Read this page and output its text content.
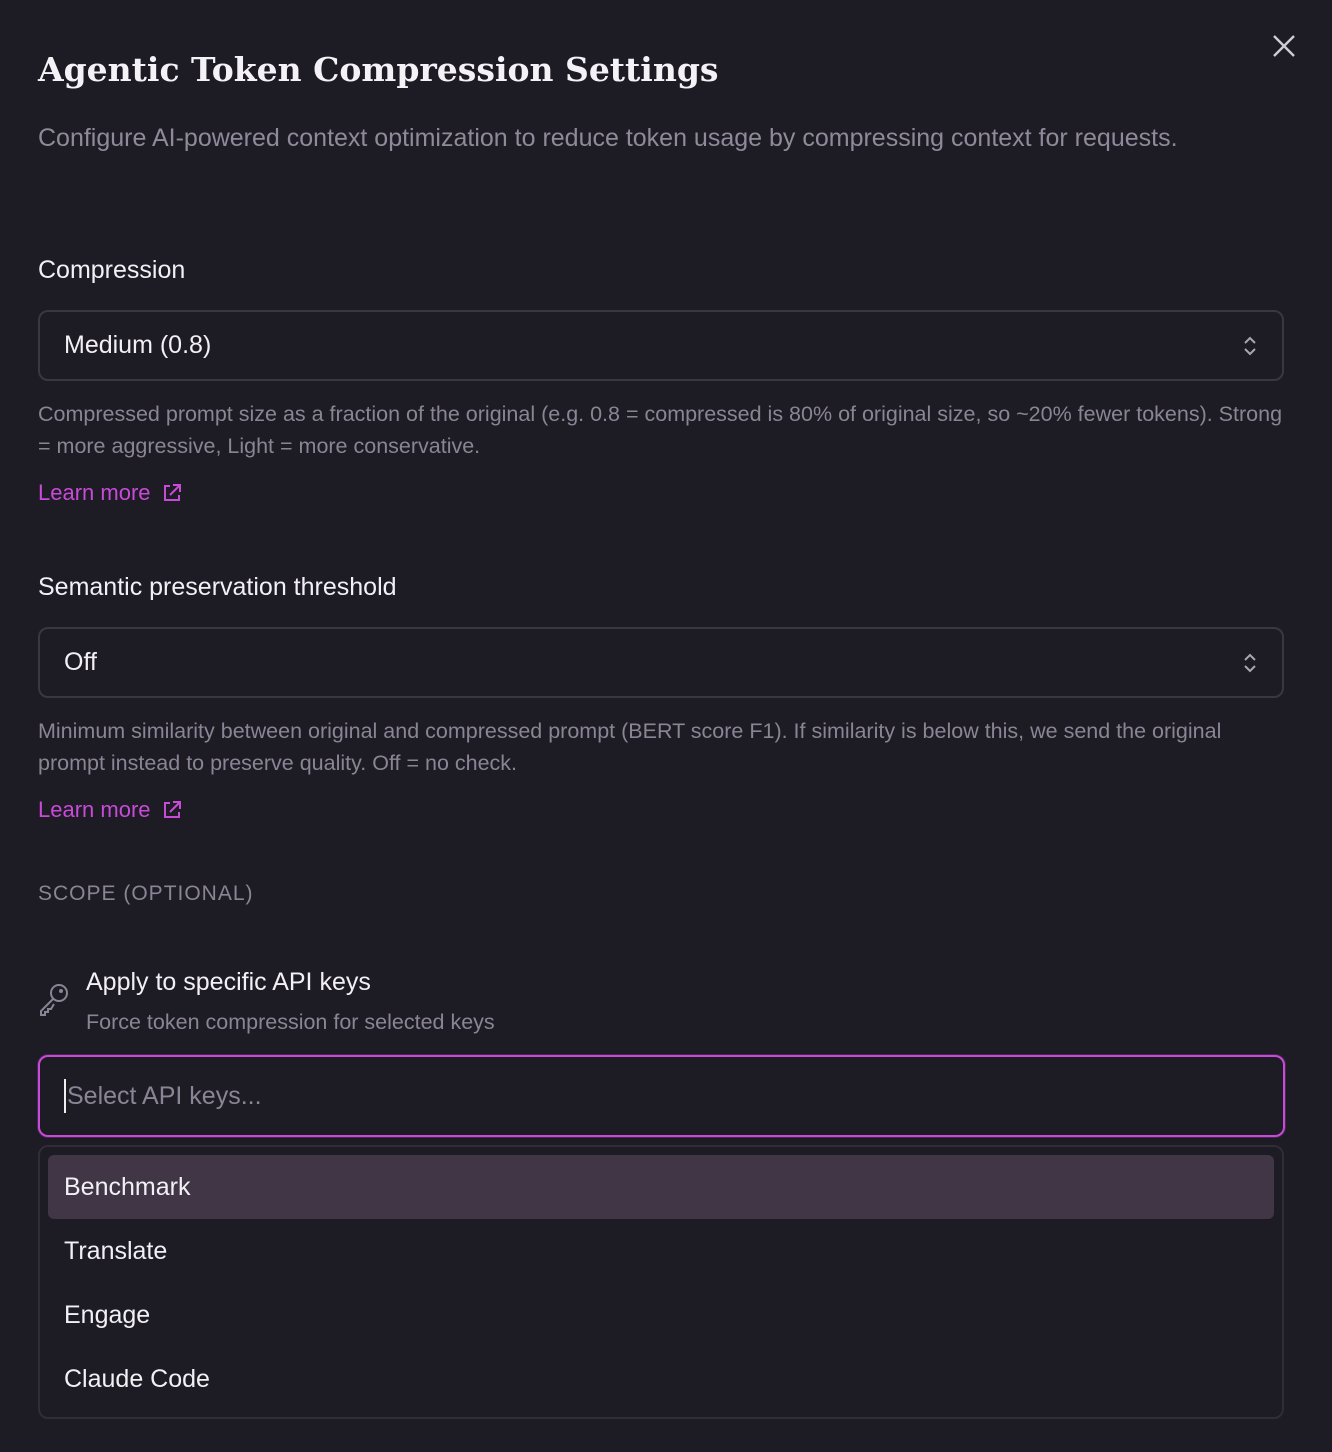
Agentic Token Compression Settings
Configure AI-powered context optimization to reduce token usage by compressing context for requests.
Compression
Medium (0.8)
Compressed prompt size as a fraction of the original (e.g. 0.8 = compressed is 80% of original size, so ~20% fewer tokens). Strong = more aggressive, Light = more conservative.
Learn more
Semantic preservation threshold
Off
Minimum similarity between original and compressed prompt (BERT score F1). If similarity is below this, we send the original prompt instead to preserve quality. Off = no check.
Learn more
SCOPE (OPTIONAL)
Apply to specific API keys
Force token compression for selected keys
Select API keys...
Benchmark
Translate
Engage
Claude Code
